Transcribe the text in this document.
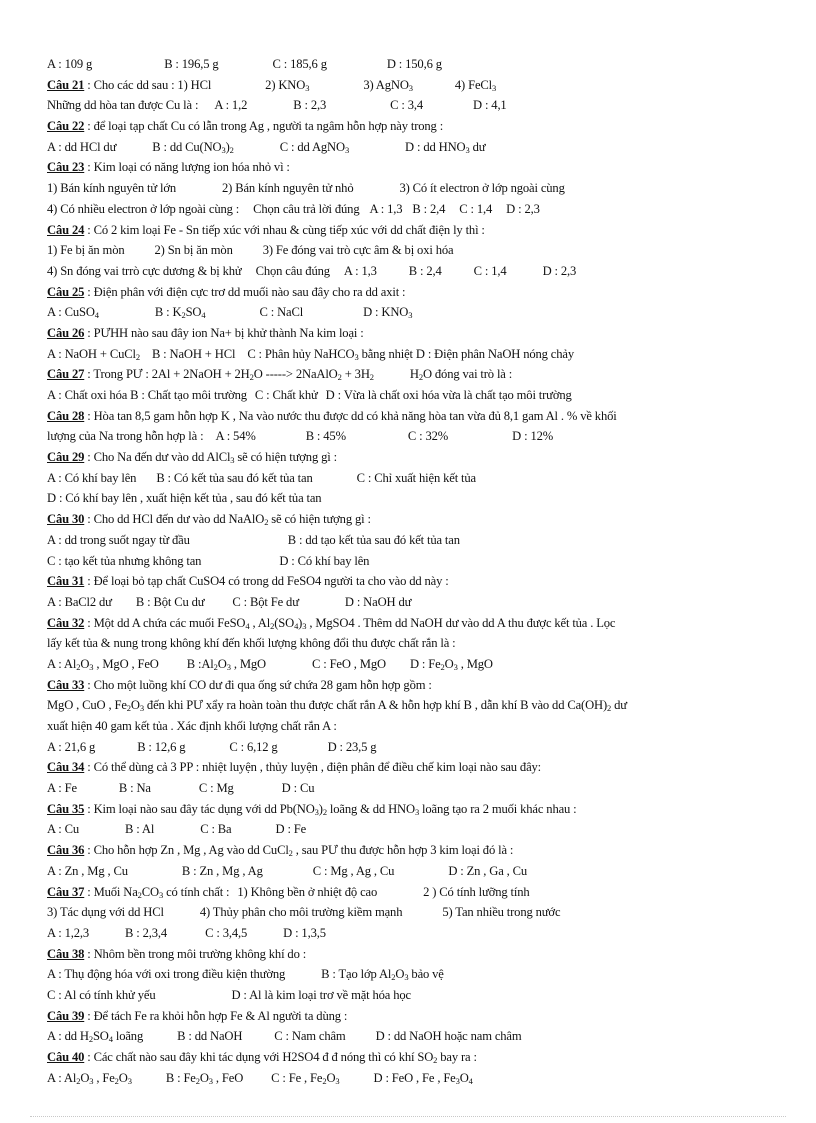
A : 109 g	B : 196,5 g	C : 185,6 g	D : 150,6 g
Câu 21 : Cho các dd sau : 1) HCl	2) $KNO_3$	3) AgNO$_3$	4) FeCl$_3$
Những dd hòa tan được Cu là : A : 1,2	B : 2,3	C : 3,4	D : 4,1
Câu 22 : để loại tạp chất Cu có lẫn trong Ag , người ta ngâm hỗn hợp này trong :
A : dd HCl dư	B : dd $Cu(NO_3)_2$	C : dd AgNO$_3$	D : dd $HNO_3$ dư
Câu 23 : Kim loại có năng lượng ion hóa nhỏ vì :
1) Bán kính nguyên tử lớn	2) Bán kính nguyên tử nhỏ	3) Có ít electron ở lớp ngoài cùng
4) Có nhiều electron ở lớp ngoài cùng : Chọn câu trả lời đúng A : 1,3 B : 2,4 C : 1,4 D : 2,3
Câu 24 : Có 2 kim loại Fe - Sn tiếp xúc với nhau & cùng tiếp xúc với dd chất điện ly thì :
1) Fe bị ăn mòn 2) Sn bị ăn mòn 3) Fe đóng vai trò cực âm & bị oxi hóa
4) Sn đóng vai trrò cực dương & bị khử Chọn câu đúng A : 1,3	B : 2,4	C : 1,4	D : 2,3
Câu 25 : Điện phân với điện cực trơ dd muối nào sau đây cho ra dd axit :
A : CuSO$_4$	B : $K_2SO_4$	C : NaCl	D : $KNO_3$
Câu 26 : PƯHH nào sau đây ion Na+ bị khử thành Na kim loại :
A : NaOH + CuCl$_2$ B : NaOH + HCl C : Phân hủy NaHCO$_3$ bằng nhiệt D : Điện phân NaOH nóng chảy
Câu 27 : Trong PƯ : 2Al + 2NaOH + $2H_2O$ -----> 2NaAlO$_2$ + $3H_2$	$H_2O$ đóng vai trò là :
A : Chất oxi hóa B : Chất tạo môi trường C : Chất khử D : Vừa là chất oxi hóa vừa là chất tạo môi trường
Câu 28 : Hòa tan 8,5 gam hỗn hợp K , Na vào nước thu được dd có khả năng hòa tan vừa đủ 8,1 gam Al . % về khối
lượng của Na trong hỗn hợp là : A : 54%	B : 45%	C : 32%	D : 12%
Câu 29 : Cho Na đến dư vào dd AlCl$_3$ sẽ có hiện tượng gì :
A : Có khí bay lên B : Có kết tủa sau đó kết tủa tan	C : Chỉ xuất hiện kết tủa
D : Có khí bay lên , xuất hiện kết tủa , sau đó kết tủa tan
Câu 30 : Cho dd HCl đến dư vào dd NaAlO$_2$ sẽ có hiện tượng gì :
A : dd trong suốt ngay từ đầu	B : dd tạo kết tủa sau đó kết tủa tan
C : tạo kết tủa nhưng không tan	D : Có khí bay lên
Câu 31 : Để loại bỏ tạp chất CuSO4 có trong dd FeSO4 người ta cho vào dd này :
A : BaCl2 dư B : Bột Cu dư C : Bột Fe dư	D : NaOH dư
Câu 32 : Một dd A chứa các muối FeSO$_4$ , $Al_2(SO_4)_3$ , MgSO4 . Thêm dd NaOH dư vào dd A thu được kết tủa . Lọc
lấy kết tủa & nung trong không khí đến khối lượng không đổi thu được chất rắn là :
A : $Al_2O_3$ , MgO , FeO B $:Al_2O_3$ , MgO	C : FeO , MgO D : $Fe_2O_3$ , MgO
Câu 33 : Cho một luồng khí CO dư đi qua ống sứ chứa 28 gam hỗn hợp gồm :
MgO , CuO , $Fe_2O_3$ đến khi PƯ xẩy ra hoàn toàn thu được chất rắn A & hỗn hợp khí B , dẫn khí B vào dd $Ca(OH)_2$ dư
xuất hiện 40 gam kết tủa . Xác định khối lượng chất rắn A :
A : 21,6 g	B : 12,6 g	C : 6,12 g	D : 23,5 g
Câu 34 : Có thể dùng cả 3 PP : nhiệt luyện , thủy luyện , điện phân để điều chế kim loại nào sau đây:
A : Fe	B : Na	C : Mg	D : Cu
Câu 35 : Kim loại nào sau đây tác dụng với dd $Pb(NO_3)_2$ loãng & dd $HNO_3$ loãng tạo ra 2 muối khác nhau :
A : Cu	B : Al	C : Ba	D : Fe
Câu 36 : Cho hỗn hợp Zn , Mg , Ag vào dd CuCl$_2$ , sau PƯ thu được hỗn hợp 3 kim loại đó là :
A : Zn , Mg , Cu	B : Zn , Mg , Ag	C : Mg , Ag , Cu	D : Zn , Ga , Cu
Câu 37 : Muối $Na_2CO_3$ có tính chất : 1) Không bền ở nhiệt độ cao	2 ) Có tính lưỡng tính
3) Tác dụng với dd HCl	4) Thủy phân cho môi trường kiềm mạnh	5) Tan nhiều trong nước
A : 1,2,3	B : 2,3,4	C : 3,4,5	D : 1,3,5
Câu 38 : Nhôm bền trong môi trường không khí do :
A : Thụ động hóa với oxi trong điều kiện thường	B : Tạo lớp $Al_2O_3$ bảo vệ
C : Al có tính khử yếu	D : Al là kim loại trơ về mặt hóa học
Câu 39 : Để tách Fe ra khỏi hỗn hợp Fe & Al người ta dùng :
A : dd $H_2SO_4$ loãng	B : dd NaOH	C : Nam châm D : dd NaOH hoặc nam châm
Câu 40 : Các chất nào sau đây khi tác dụng với H2SO4 đ đ nóng thì có khí $SO_2$ bay ra :
A : $Al_2O_3$ , $Fe_2O_3$	B : $Fe_2O_3$ , FeO C : Fe , $Fe_2O_3$	D : FeO , Fe , $Fe_3O_4$
